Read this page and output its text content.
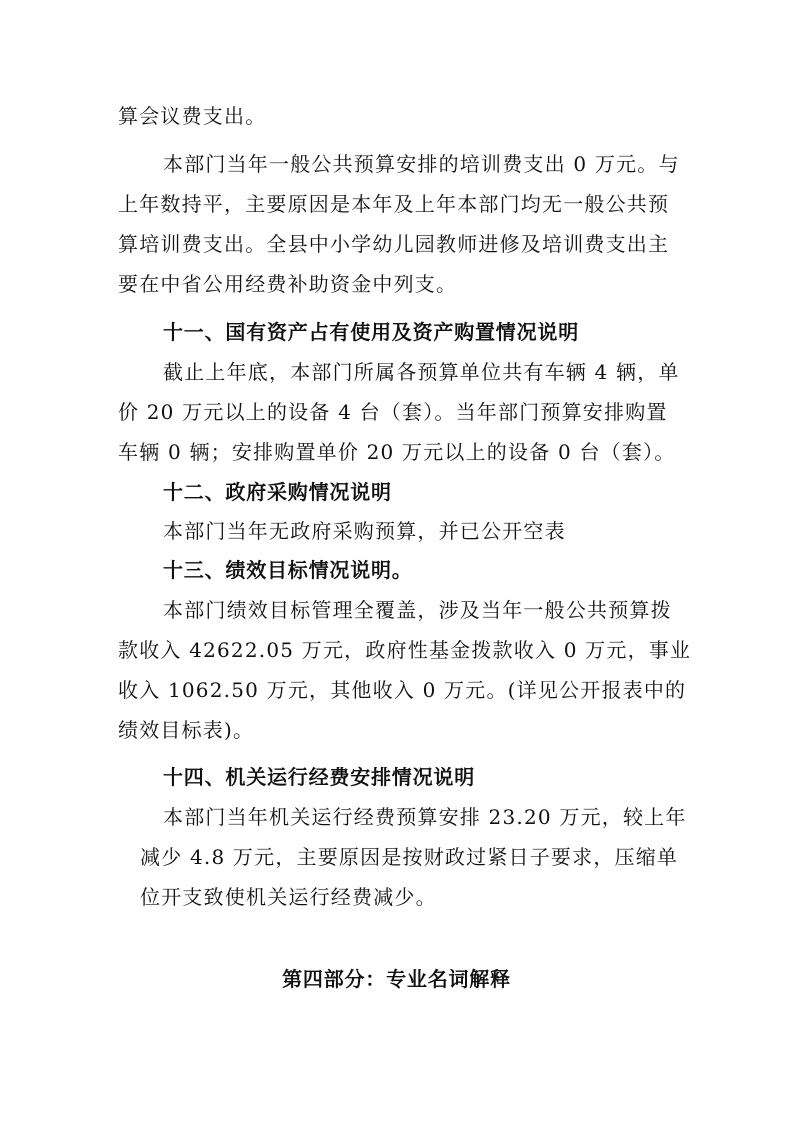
算会议费支出。
本部门当年一般公共预算安排的培训费支出 0 万元。与
上年数持平，主要原因是本年及上年本部门均无一般公共预
算培训费支出。全县中小学幼儿园教师进修及培训费支出主
要在中省公用经费补助资金中列支。
十一、国有资产占有使用及资产购置情况说明
截止上年底，本部门所属各预算单位共有车辆 4 辆，单
价 20 万元以上的设备 4 台（套）。当年部门预算安排购置
车辆 0 辆；安排购置单价 20 万元以上的设备 0 台（套）。
十二、政府采购情况说明
本部门当年无政府采购预算，并已公开空表
十三、绩效目标情况说明。
本部门绩效目标管理全覆盖，涉及当年一般公共预算拨
款收入 42622.05 万元，政府性基金拨款收入 0 万元，事业
收入 1062.50 万元，其他收入 0 万元。(详见公开报表中的
绩效目标表)。
十四、机关运行经费安排情况说明
本部门当年机关运行经费预算安排 23.20 万元，较上年
减少 4.8 万元，主要原因是按财政过紧日子要求，压缩单
位开支致使机关运行经费减少。
第四部分：专业名词解释
